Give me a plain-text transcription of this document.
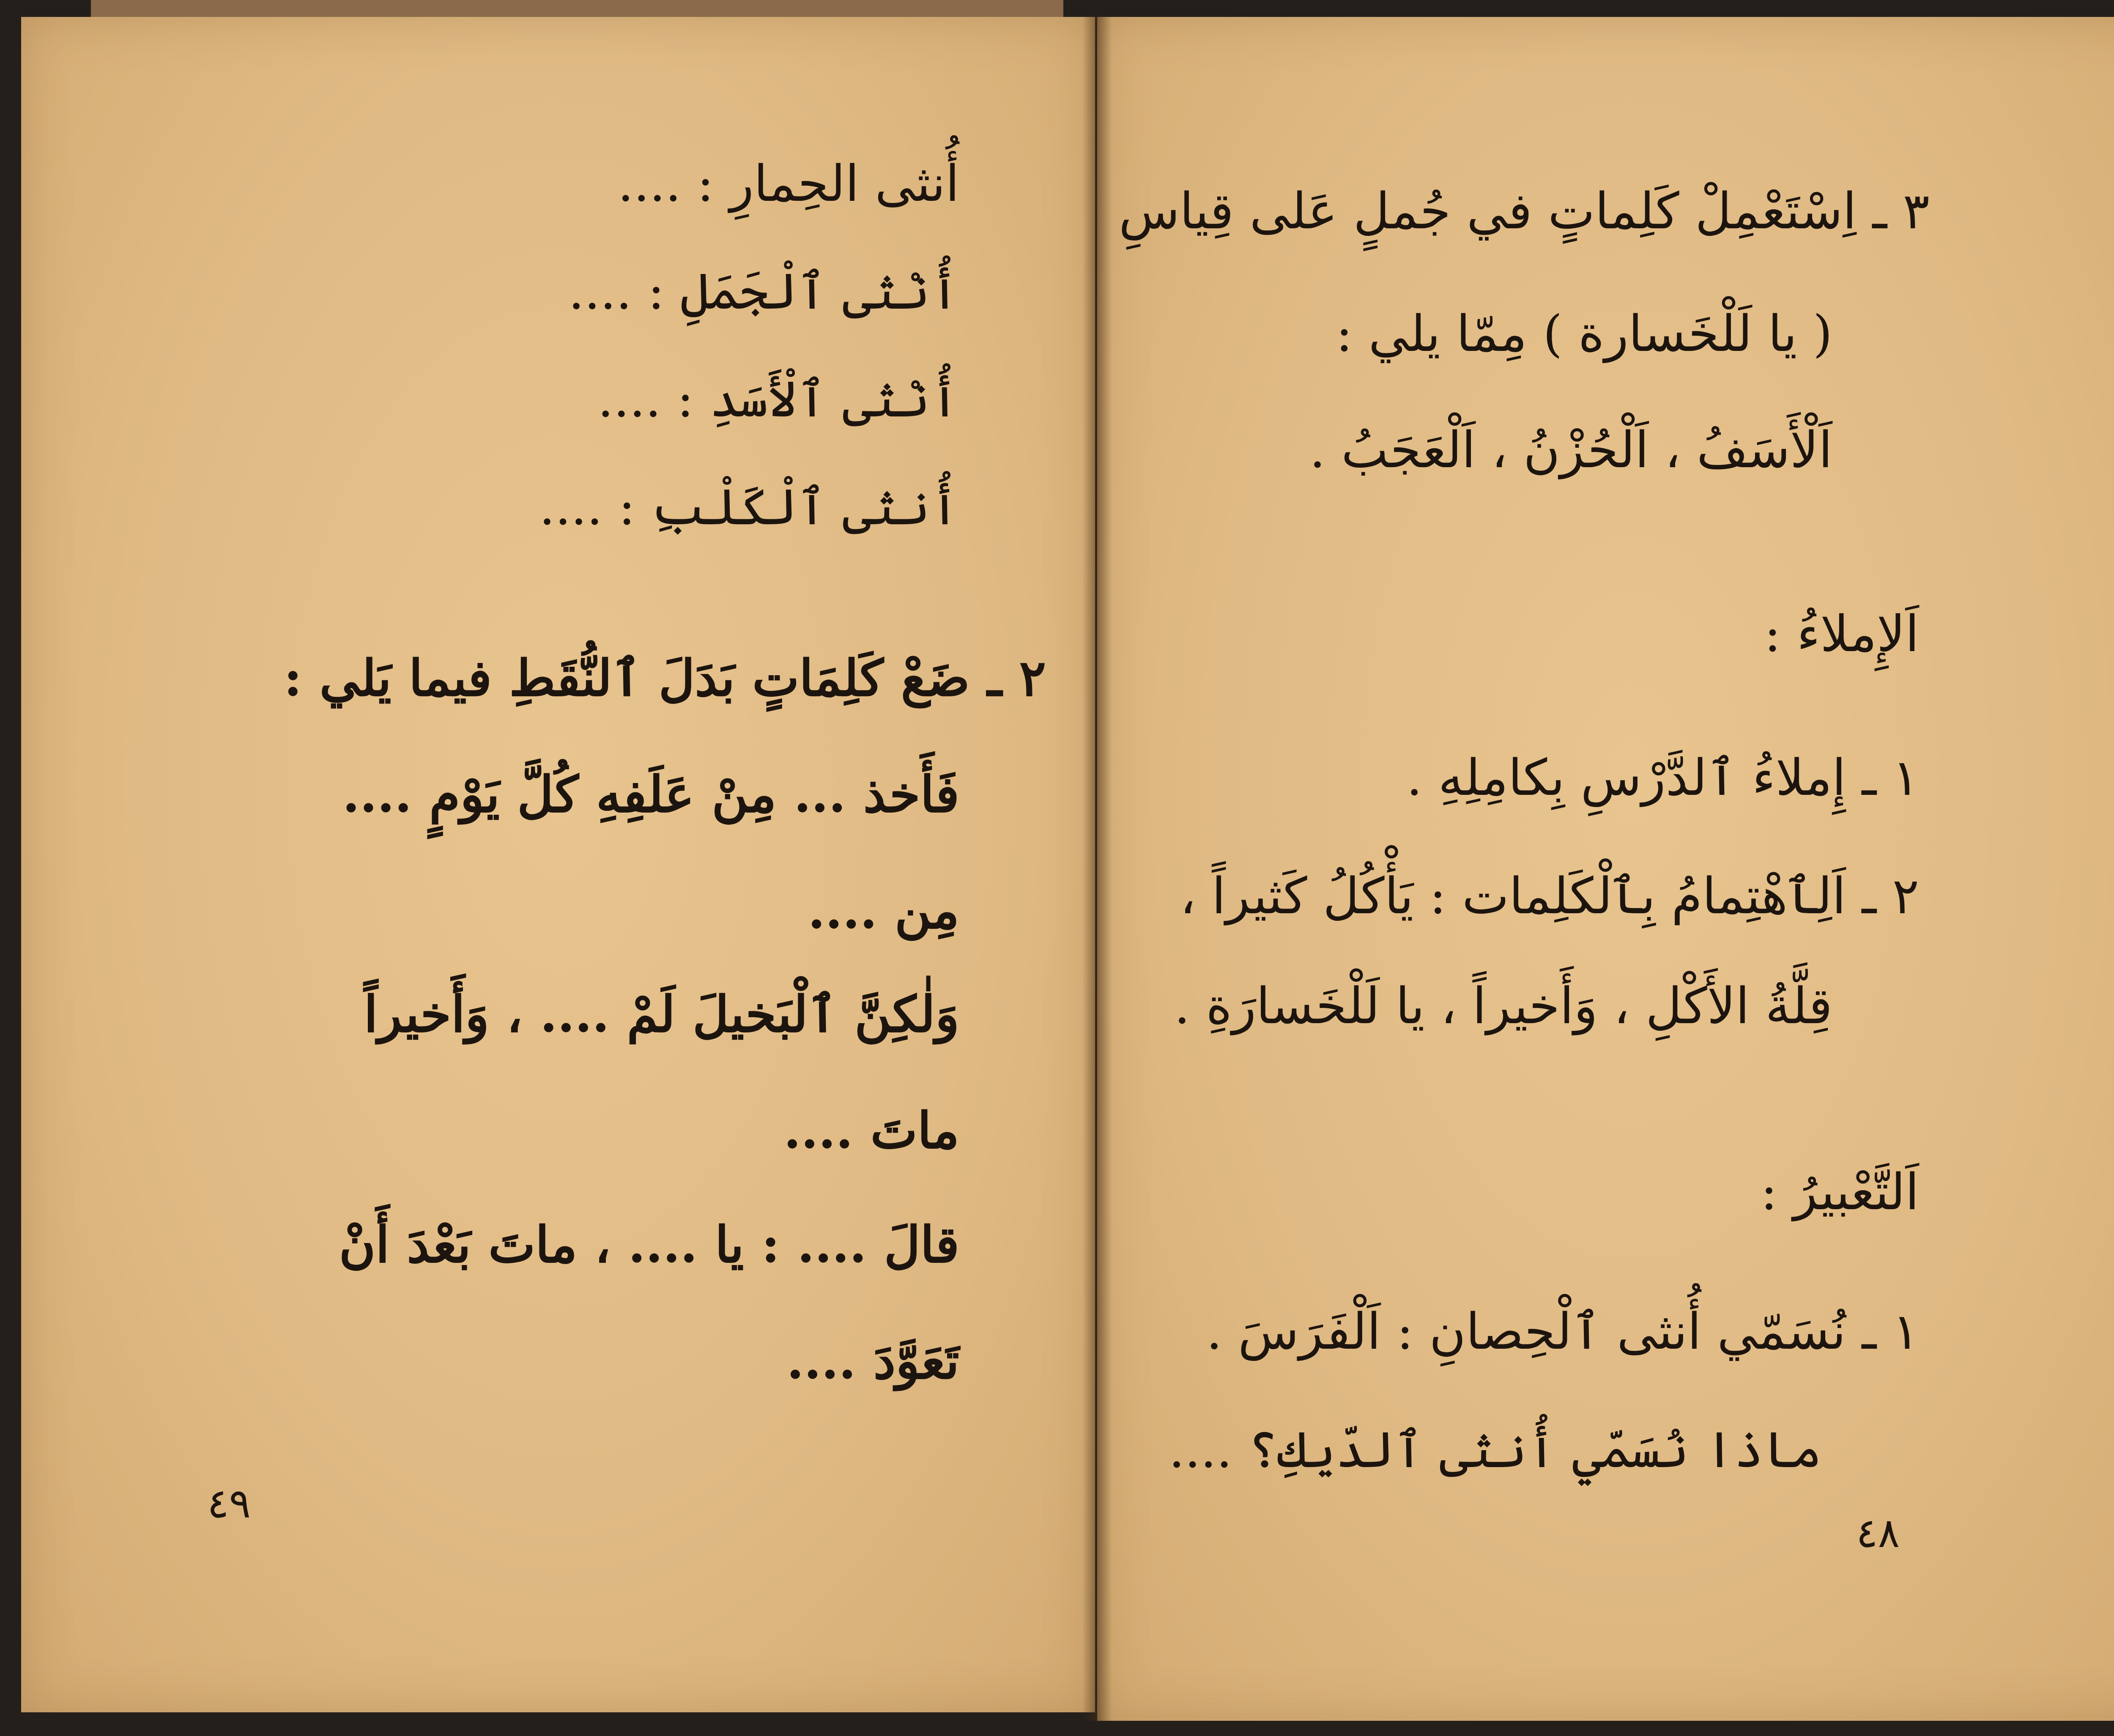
أُنثى الحِمارِ : ....
أُنْثى ٱلْجَمَلِ : ....
أُنْثى ٱلْأَسَدِ : ....
أُنثى ٱلْكَلْبِ : ....
٢ ـ ضَعْ كَلِمَاتٍ بَدَلَ ٱلنُّقَطِ فيما يَلي :
فَأَخذ ... مِنْ عَلَفِهِ كُلَّ يَوْمٍ ....
مِن ....
وَلٰكِنَّ ٱلْبَخيلَ لَمْ .... ، وَأَخيراً
ماتَ ....
قالَ .... : يا .... ، ماتَ بَعْدَ أَنْ
تَعَوَّدَ ....
٤٩
٣ ـ اِسْتَعْمِلْ كَلِماتٍ في جُملٍ عَلى قِياسِ
( يا لَلْخَسارة ) مِمّا يلي :
اَلْأَسَفُ ، اَلْحُزْنُ ، اَلْعَجَبُ .
اَلإِملاءُ :
١ ـ إِملاءُ ٱلدَّرْسِ بِكامِلِهِ .
٢ ـ اَلِٱهْتِمامُ بِٱلْكَلِمات : يَأْكُلُ كَثيراً ،
قِلَّةُ الأَكْلِ ، وَأَخيراً ، يا لَلْخَسارَةِ .
اَلتَّعْبيرُ :
١ ـ نُسَمّي أُنثى ٱلْحِصانِ : اَلْفَرَسَ .
ماذا نُسَمّي أُنثى ٱلدّيكِ؟ ....
٤٨
